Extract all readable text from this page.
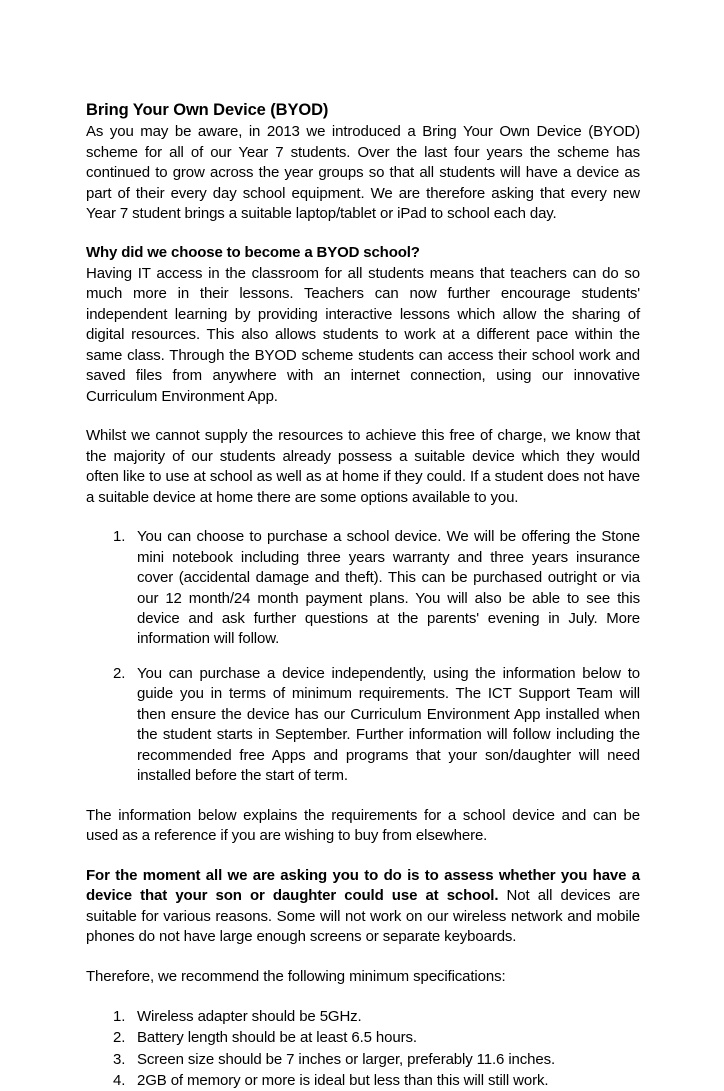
Bring Your Own Device (BYOD)

As you may be aware, in 2013 we introduced a Bring Your Own Device (BYOD) scheme for all of our Year 7 students. Over the last four years the scheme has continued to grow across the year groups so that all students will have a device as part of their every day school equipment. We are therefore asking that every new Year 7 student brings a suitable laptop/tablet or iPad to school each day.

Why did we choose to become a BYOD school?

Having IT access in the classroom for all students means that teachers can do so much more in their lessons. Teachers can now further encourage students' independent learning by providing interactive lessons which allow the sharing of digital resources. This also allows students to work at a different pace within the same class. Through the BYOD scheme students can access their school work and saved files from anywhere with an internet connection, using our innovative Curriculum Environment App.

Whilst we cannot supply the resources to achieve this free of charge, we know that the majority of our students already possess a suitable device which they would often like to use at school as well as at home if they could. If a student does not have a suitable device at home there are some options available to you.

1. You can choose to purchase a school device. We will be offering the Stone mini notebook including three years warranty and three years insurance cover (accidental damage and theft). This can be purchased outright or via our 12 month/24 month payment plans. You will also be able to see this device and ask further questions at the parents' evening in July. More information will follow.
2. You can purchase a device independently, using the information below to guide you in terms of minimum requirements. The ICT Support Team will then ensure the device has our Curriculum Environment App installed when the student starts in September. Further information will follow including the recommended free Apps and programs that your son/daughter will need installed before the start of term.

The information below explains the requirements for a school device and can be used as a reference if you are wishing to buy from elsewhere.

For the moment all we are asking you to do is to assess whether you have a device that your son or daughter could use at school. Not all devices are suitable for various reasons. Some will not work on our wireless network and mobile phones do not have large enough screens or separate keyboards.

Therefore, we recommend the following minimum specifications:

1. Wireless adapter should be 5GHz.
2. Battery length should be at least 6.5 hours.
3. Screen size should be 7 inches or larger, preferably 11.6 inches.
4. 2GB of memory or more is ideal but less than this will still work.
